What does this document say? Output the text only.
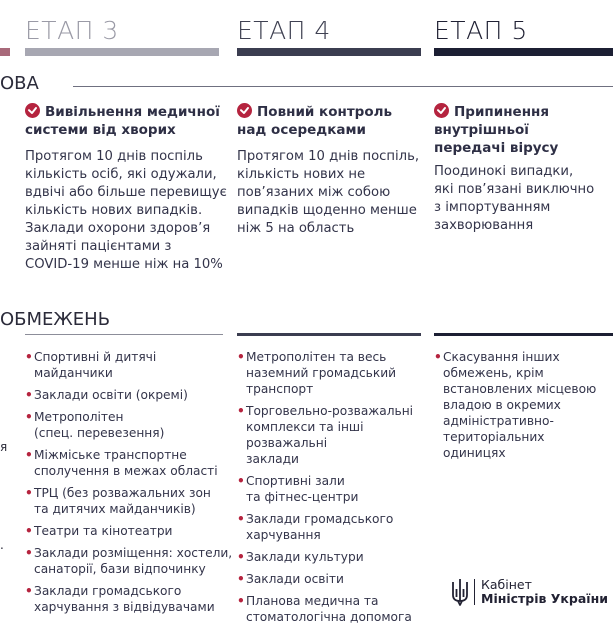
ЕТАП 3	ЕТАП 4	ЕТАП 5
ОВА
Вивільнення медичної
системи від хворих
Протягом 10 днів поспіль
кількість осіб, які одужали,
вдвічі або більше перевищує
кількість нових випадків.
Заклади охорони здоров’я
зайняті пацієнтами з
COVID-19 менше ніж на 10%
Повний контроль
над осередками
Протягом 10 днів поспіль,
кількість нових не
пов’язаних між собою
випадків щоденно менше
ніж 5 на область
Припинення
внутрішньої
передачі вірусу
Поодинокі випадки,
які пов’язані виключно
з імпортуванням
захворювання
ОБМЕЖЕНЬ
я
.
• Спортивні й дитячі майданчики
• Заклади освіти (окремі)
• Метрополітен
(спец. перевезення)
• Міжміське транспортне
сполучення в межах області
• ТРЦ (без розважальних зон
та дитячих майданчиків)
• Театри та кінотеатри
• Заклади розміщення: хостели,
санаторії, бази відпочинку
• Заклади громадського
харчування з відвідувачами
• Метрополітен та весь
наземний громадський
транспорт
• Торговельно-розважальні
комплекси та інші розважальні
заклади
• Спортивні зали
та фітнес-центри
• Заклади громадського
харчування
• Заклади культури
• Заклади освіти
• Планова медична та
стоматологічна допомога
• Скасування інших
обмежень, крім
встановлених місцевою
владою в окремих
адміністративно-
територіальних одиницях
Кабінет
Міністрів України
